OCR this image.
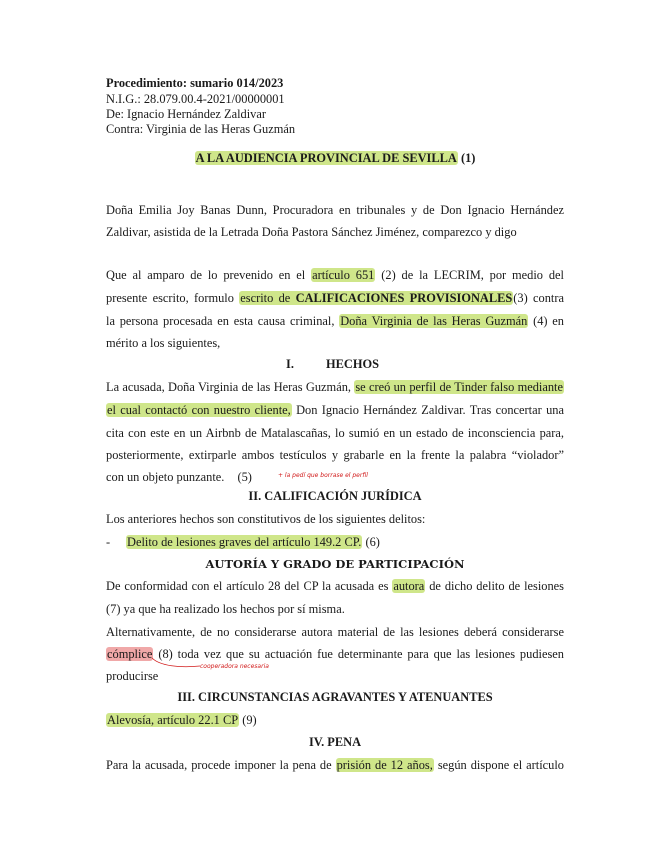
Procedimiento: sumario 014/2023
N.I.G.: 28.079.00.4-2021/00000001
De: Ignacio Hernández Zaldivar
Contra: Virginia de las Heras Guzmán
A LA AUDIENCIA PROVINCIAL DE SEVILLA (1)
Doña Emilia Joy Banas Dunn, Procuradora en tribunales y de Don Ignacio Hernández
Zaldivar, asistida de la Letrada Doña Pastora Sánchez Jiménez, comparezco y digo
Que al amparo de lo prevenido en el artículo 651 (2) de la LECRIM, por medio del
presente escrito, formulo escrito de CALIFICACIONES PROVISIONALES(3) contra
la persona procesada en esta causa criminal, Doña Virginia de las Heras Guzmán (4) en
mérito a los siguientes,
I.	HECHOS
La acusada, Doña Virginia de las Heras Guzmán, se creó un perfil de Tinder falso mediante
el cual contactó con nuestro cliente, Don Ignacio Hernández Zaldivar. Tras concertar una
cita con este en un Airbnb de Matalascañas, lo sumió en un estado de inconsciencia para,
posteriormente, extirparle ambos testículos y grabarle en la frente la palabra “violador”
con un objeto punzante. (5)	+ la pedí que borrase el perfil
II. CALIFICACIÓN JURÍDICA
Los anteriores hechos son constitutivos de los siguientes delitos:
- Delito de lesiones graves del artículo 149.2 CP. (6)
AUTORÍA Y GRADO DE PARTICIPACIÓN
De conformidad con el artículo 28 del CP la acusada es autora de dicho delito de lesiones
(7) ya que ha realizado los hechos por sí misma.
Alternativamente, de no considerarse autora material de las lesiones deberá considerarse
cómplice (8) toda vez que su actuación fue determinante para que las lesiones pudiesen
cooperadora necesaria
producirse
III. CIRCUNSTANCIAS AGRAVANTES Y ATENUANTES
Alevosía, artículo 22.1 CP (9)
IV. PENA
Para la acusada, procede imponer la pena de prisión de 12 años, según dispone el artículo
